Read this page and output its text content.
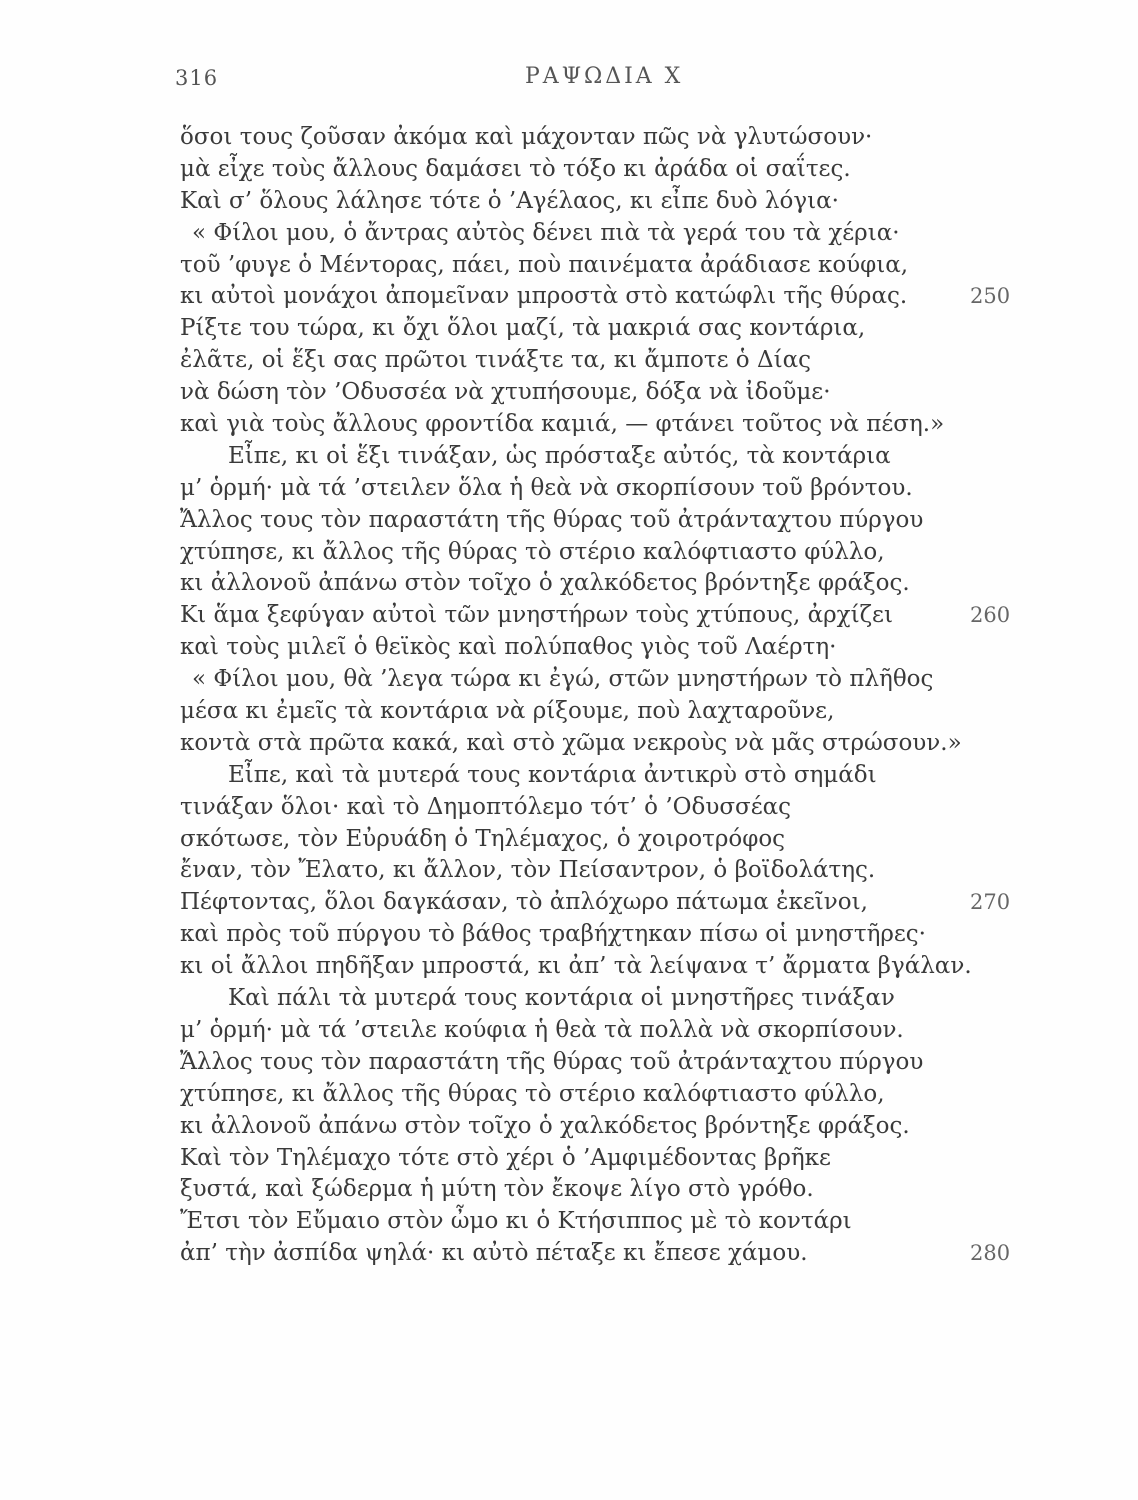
316	ΡΑΨΩΔΙΑ Χ
ὅσοι τους ζοῦσαν ἀκόμα καὶ μάχονταν πῶς νὰ γλυτώσουν·
μὰ εἶχε τοὺς ἄλλους δαμάσει τὸ τόξο κι ἀράδα οἱ σαΐτες.
Καὶ σ’ ὅλους λάλησε τότε ὁ ’Αγέλαος, κι εἶπε δυὸ λόγια·
« Φίλοι μου, ὁ ἄντρας αὐτὸς δένει πιὰ τὰ γερά του τὰ χέρια·
τοῦ ’φυγε ὁ Μέντορας, πάει, ποὺ παινέματα ἀράδιασε κούφια,
κι αὐτοὶ μονάχοι ἀπομεῖναν μπροστὰ στὸ κατώφλι τῆς θύρας.	250
Ρίξτε του τώρα, κι ὄχι ὅλοι μαζί, τὰ μακριά σας κοντάρια,
ἐλᾶτε, οἱ ἕξι σας πρῶτοι τινάξτε τα, κι ἄμποτε ὁ Δίας
νὰ δώση τὸν ’Οδυσσέα νὰ χτυπήσουμε, δόξα νὰ ἰδοῦμε·
καὶ γιὰ τοὺς ἄλλους φροντίδα καμιά, — φτάνει τοῦτος νὰ πέση.»
Εἶπε, κι οἱ ἕξι τινάξαν, ὡς πρόσταξε αὐτός, τὰ κοντάρια
μ’ ὁρμή· μὰ τά ’στειλεν ὅλα ἡ θεὰ νὰ σκορπίσουν τοῦ βρόντου.
Ἄλλος τους τὸν παραστάτη τῆς θύρας τοῦ ἀτράνταχτου πύργου
χτύπησε, κι ἄλλος τῆς θύρας τὸ στέριο καλόφτιαστο φύλλο,
κι ἀλλονοῦ ἀπάνω στὸν τοῖχο ὁ χαλκόδετος βρόντηξε φράξος.
Κι ἅμα ξεφύγαν αὐτοὶ τῶν μνηστήρων τοὺς χτύπους, ἀρχίζει	260
καὶ τοὺς μιλεῖ ὁ θεϊκὸς καὶ πολύπαθος γιὸς τοῦ Λαέρτη·
« Φίλοι μου, θὰ ’λεγα τώρα κι ἐγώ, στῶν μνηστήρων τὸ πλῆθος
μέσα κι ἐμεῖς τὰ κοντάρια νὰ ρίξουμε, ποὺ λαχταροῦνε,
κοντὰ στὰ πρῶτα κακά, καὶ στὸ χῶμα νεκροὺς νὰ μᾶς στρώσουν.»
Εἶπε, καὶ τὰ μυτερά τους κοντάρια ἀντικρὺ στὸ σημάδι
τινάξαν ὅλοι· καὶ τὸ Δημοπτόλεμο τότ’ ὁ ’Οδυσσέας
σκότωσε, τὸν Εὐρυάδη ὁ Τηλέμαχος, ὁ χοιροτρόφος
ἔναν, τὸν Ἔλατο, κι ἄλλον, τὸν Πείσαντρον, ὁ βοϊδολάτης.
Πέφτοντας, ὅλοι δαγκάσαν, τὸ ἀπλόχωρο πάτωμα ἐκεῖνοι,	270
καὶ πρὸς τοῦ πύργου τὸ βάθος τραβήχτηκαν πίσω οἱ μνηστῆρες·
κι οἱ ἄλλοι πηδῆξαν μπροστά, κι ἀπ’ τὰ λείψανα τ’ ἄρματα βγάλαν.
Καὶ πάλι τὰ μυτερά τους κοντάρια οἱ μνηστῆρες τινάξαν
μ’ ὁρμή· μὰ τά ’στειλε κούφια ἡ θεὰ τὰ πολλὰ νὰ σκορπίσουν.
Ἄλλος τους τὸν παραστάτη τῆς θύρας τοῦ ἀτράνταχτου πύργου
χτύπησε, κι ἄλλος τῆς θύρας τὸ στέριο καλόφτιαστο φύλλο,
κι ἀλλονοῦ ἀπάνω στὸν τοῖχο ὁ χαλκόδετος βρόντηξε φράξος.
Καὶ τὸν Τηλέμαχο τότε στὸ χέρι ὁ ’Αμφιμέδοντας βρῆκε
ξυστά, καὶ ξώδερμα ἡ μύτη τὸν ἔκοψε λίγο στὸ γρόθο.
Ἔτσι τὸν Εὔμαιο στὸν ὦμο κι ὁ Κτήσιππος μὲ τὸ κοντάρι
ἀπ’ τὴν ἀσπίδα ψηλά· κι αὐτὸ πέταξε κι ἔπεσε χάμου.	280
